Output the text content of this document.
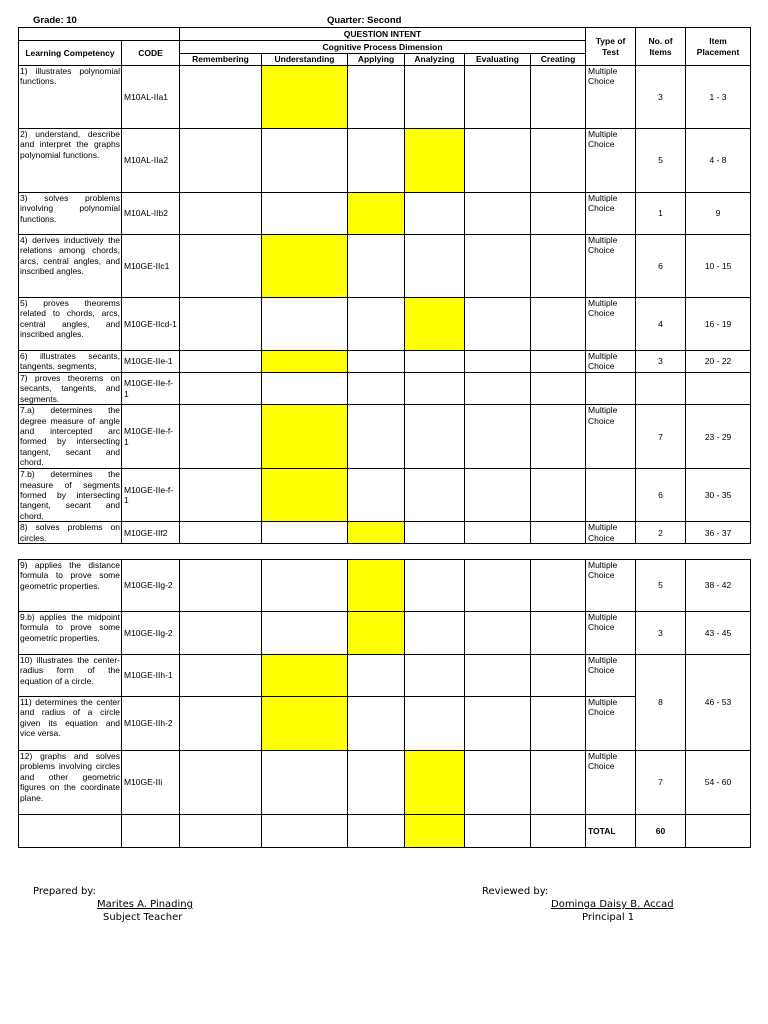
Grade: 10	Quarter: Second
		QUESTION INTENT						Type of Test	No. of Items	Item Placement
Learning Competency	CODE	Cognitive Process Dimension								
		Remembering	Understanding	Applying	Analyzing	Evaluating	Creating			
1) illustrates polynomial functions.	M10AL-IIa1							Multiple Choice	3	1 - 3
2) understand, describe and interpret the graphs polynomial functions.	M10AL-IIa2							Multiple Choice	5	4 - 8
3) solves problems involving polynomial functions.	M10AL-IIb2							Multiple Choice	1	9
4) derives inductively the relations among chords, arcs, central angles, and inscribed angles.	M10GE-IIc1							Multiple Choice	6	10 - 15
5) proves theorems related to chords, arcs, central angles, and inscribed angles.	M10GE-IIcd-1							Multiple Choice	4	16 - 19
6) illustrates secants, tangents, segments,	M10GE-IIe-1							Multiple Choice	3	20 - 22
7) proves theorems on secants, tangents, and segments.	M10GE-IIe-f-1									
7.a) determines the degree measure of angle and intercepted arc formed by intersecting tangent, secant and chord.	M10GE-IIe-f-1							Multiple Choice	7	23 - 29
7.b) determines the measure of segments formed by intersecting tangent, secant and chord.	M10GE-IIe-f-1								6	30 - 35
8) solves problems on circles.	M10GE-IIf2							Multiple Choice	2	36 - 37
9) applies the distance formula to prove some geometric properties.	M10GE-IIg-2							Multiple Choice	5	38 - 42
9.b) applies the midpoint formula to prove some geometric properties.	M10GE-IIg-2							Multiple Choice	3	43 - 45
10) illustrates the center-radius form of the equation of a circle.	M10GE-IIh-1							Multiple Choice	8	46 - 53
11) determines the center and radius of a circle given its equation and vice versa.	M10GE-IIh-2							Multiple Choice		
12) graphs and solves problems involving circles and other geometric figures on the coordinate plane.	M10GE-IIi							Multiple Choice	7	54 - 60
								TOTAL	60	
Prepared by:
Marites A. Pinading
Subject Teacher
Reviewed by:
Dominga Daisy B. Accad
Principal 1
